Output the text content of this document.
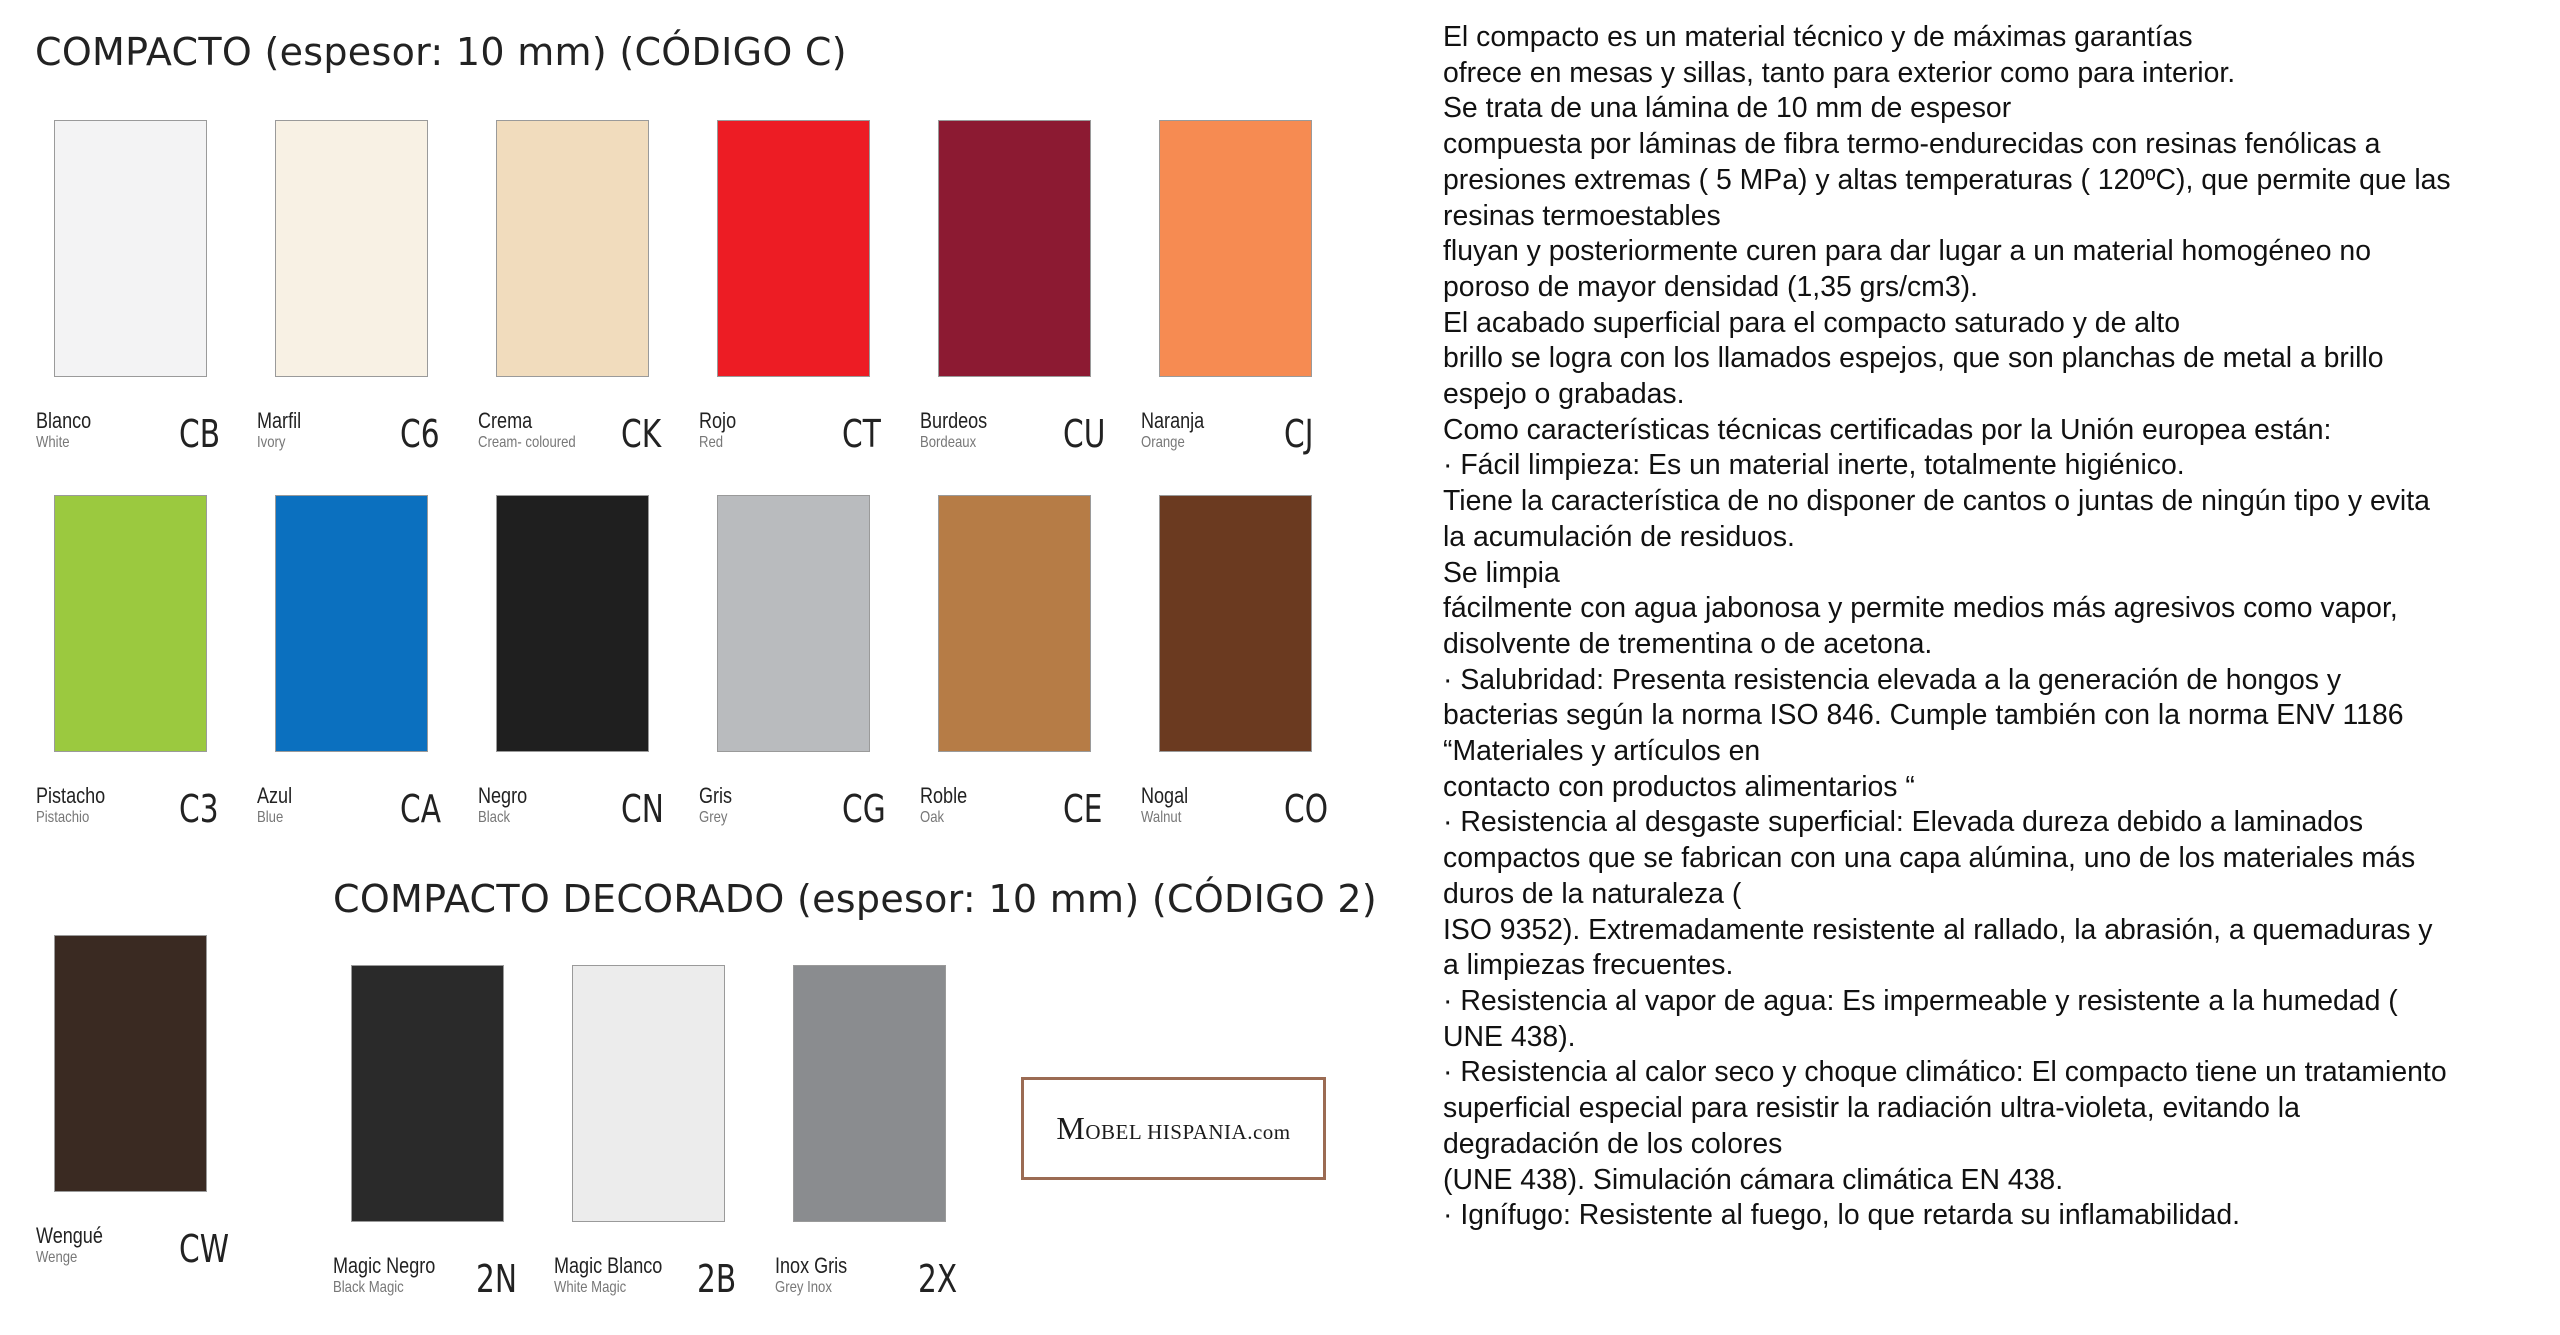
COMPACTO (espesor: 10 mm) (CÓDIGO C)
Blanco
White	CB Marfil
Ivory	C6 Crema
Cream- coloured CK Rojo
Red	CT Burdeos
Bordeaux CU Naranja
Orange	CJ
Pistacho
Pistachio	C3 Azul
Blue	CA Negro
Black	CN Gris
Grey	CG Roble
Oak	CE Nogal
Walnut	CO
COMPACTO DECORADO (espesor: 10 mm) (CÓDIGO 2)
Wengué
Wenge	CW	Magic Negro
Black Magic	2N Magic Blanco
White Magic	2B Inox Gris
Grey Inox	2X
MOBEL HISPANIA.com
El compacto es un material técnico y de máximas garantías
ofrece en mesas y sillas, tanto para exterior como para interior.
Se trata de una lámina de 10 mm de espesor
compuesta por láminas de fibra termo-endurecidas con resinas fenólicas a
presiones extremas ( 5 MPa) y altas temperaturas ( 120ºC), que permite que las
resinas termoestables
fluyan y posteriormente curen para dar lugar a un material homogéneo no
poroso de mayor densidad (1,35 grs/cm3).
El acabado superficial para el compacto saturado y de alto
brillo se logra con los llamados espejos, que son planchas de metal a brillo
espejo o grabadas.
Como características técnicas certificadas por la Unión europea están:
· Fácil limpieza: Es un material inerte, totalmente higiénico.
Tiene la característica de no disponer de cantos o juntas de ningún tipo y evita
la acumulación de residuos.
Se limpia
fácilmente con agua jabonosa y permite medios más agresivos como vapor,
disolvente de trementina o de acetona.
· Salubridad: Presenta resistencia elevada a la generación de hongos y
bacterias según la norma ISO 846. Cumple también con la norma ENV 1186
“Materiales y artículos en
contacto con productos alimentarios “
· Resistencia al desgaste superficial: Elevada dureza debido a laminados
compactos que se fabrican con una capa alúmina, uno de los materiales más
duros de la naturaleza (
ISO 9352). Extremadamente resistente al rallado, la abrasión, a quemaduras y
a limpiezas frecuentes.
· Resistencia al vapor de agua: Es impermeable y resistente a la humedad (
UNE 438).
· Resistencia al calor seco y choque climático: El compacto tiene un tratamiento
superficial especial para resistir la radiación ultra-violeta, evitando la
degradación de los colores
(UNE 438). Simulación cámara climática EN 438.
· Ignífugo: Resistente al fuego, lo que retarda su inflamabilidad.
